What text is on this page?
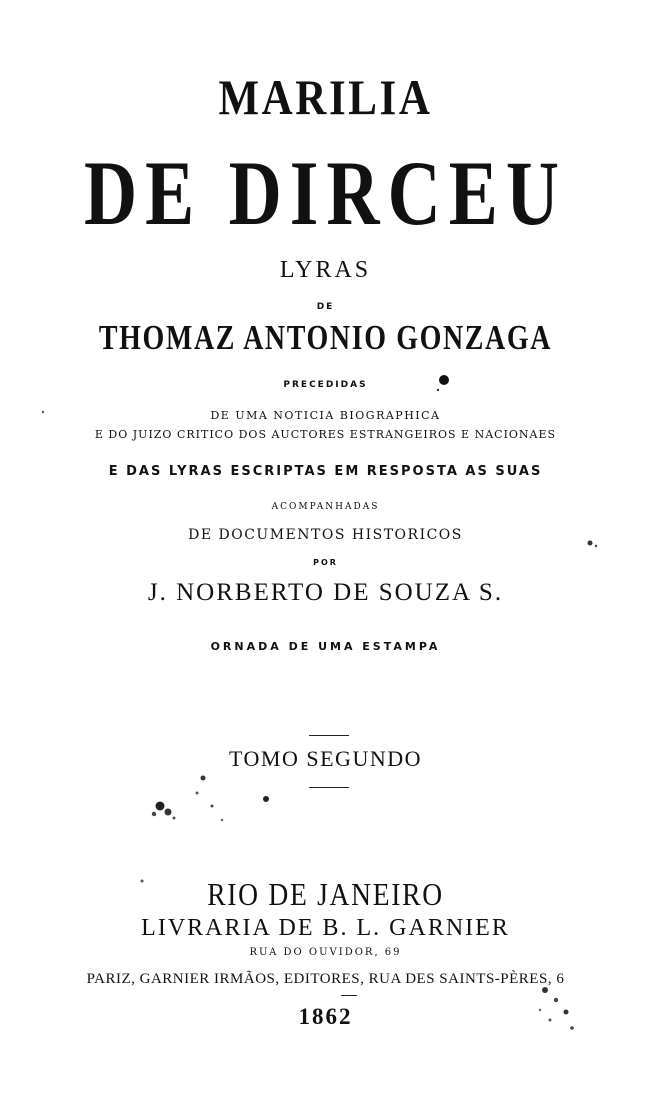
MARILIA
DE DIRCEU
LYRAS
DE
THOMAZ ANTONIO GONZAGA
PRECEDIDAS
DE UMA NOTICIA BIOGRAPHICA
E DO JUIZO CRITICO DOS AUCTORES ESTRANGEIROS E NACIONAES
E DAS LYRAS ESCRIPTAS EM RESPOSTA AS SUAS
ACOMPANHADAS
DE DOCUMENTOS HISTORICOS
POR
J. NORBERTO DE SOUZA S.
ORNADA DE UMA ESTAMPA
TOMO SEGUNDO
RIO DE JANEIRO
LIVRARIA DE B. L. GARNIER
RUA DO OUVIDOR, 69
PARIZ, GARNIER IRMÃOS, EDITORES, RUA DES SAINTS-PÈRES, 6
1862
